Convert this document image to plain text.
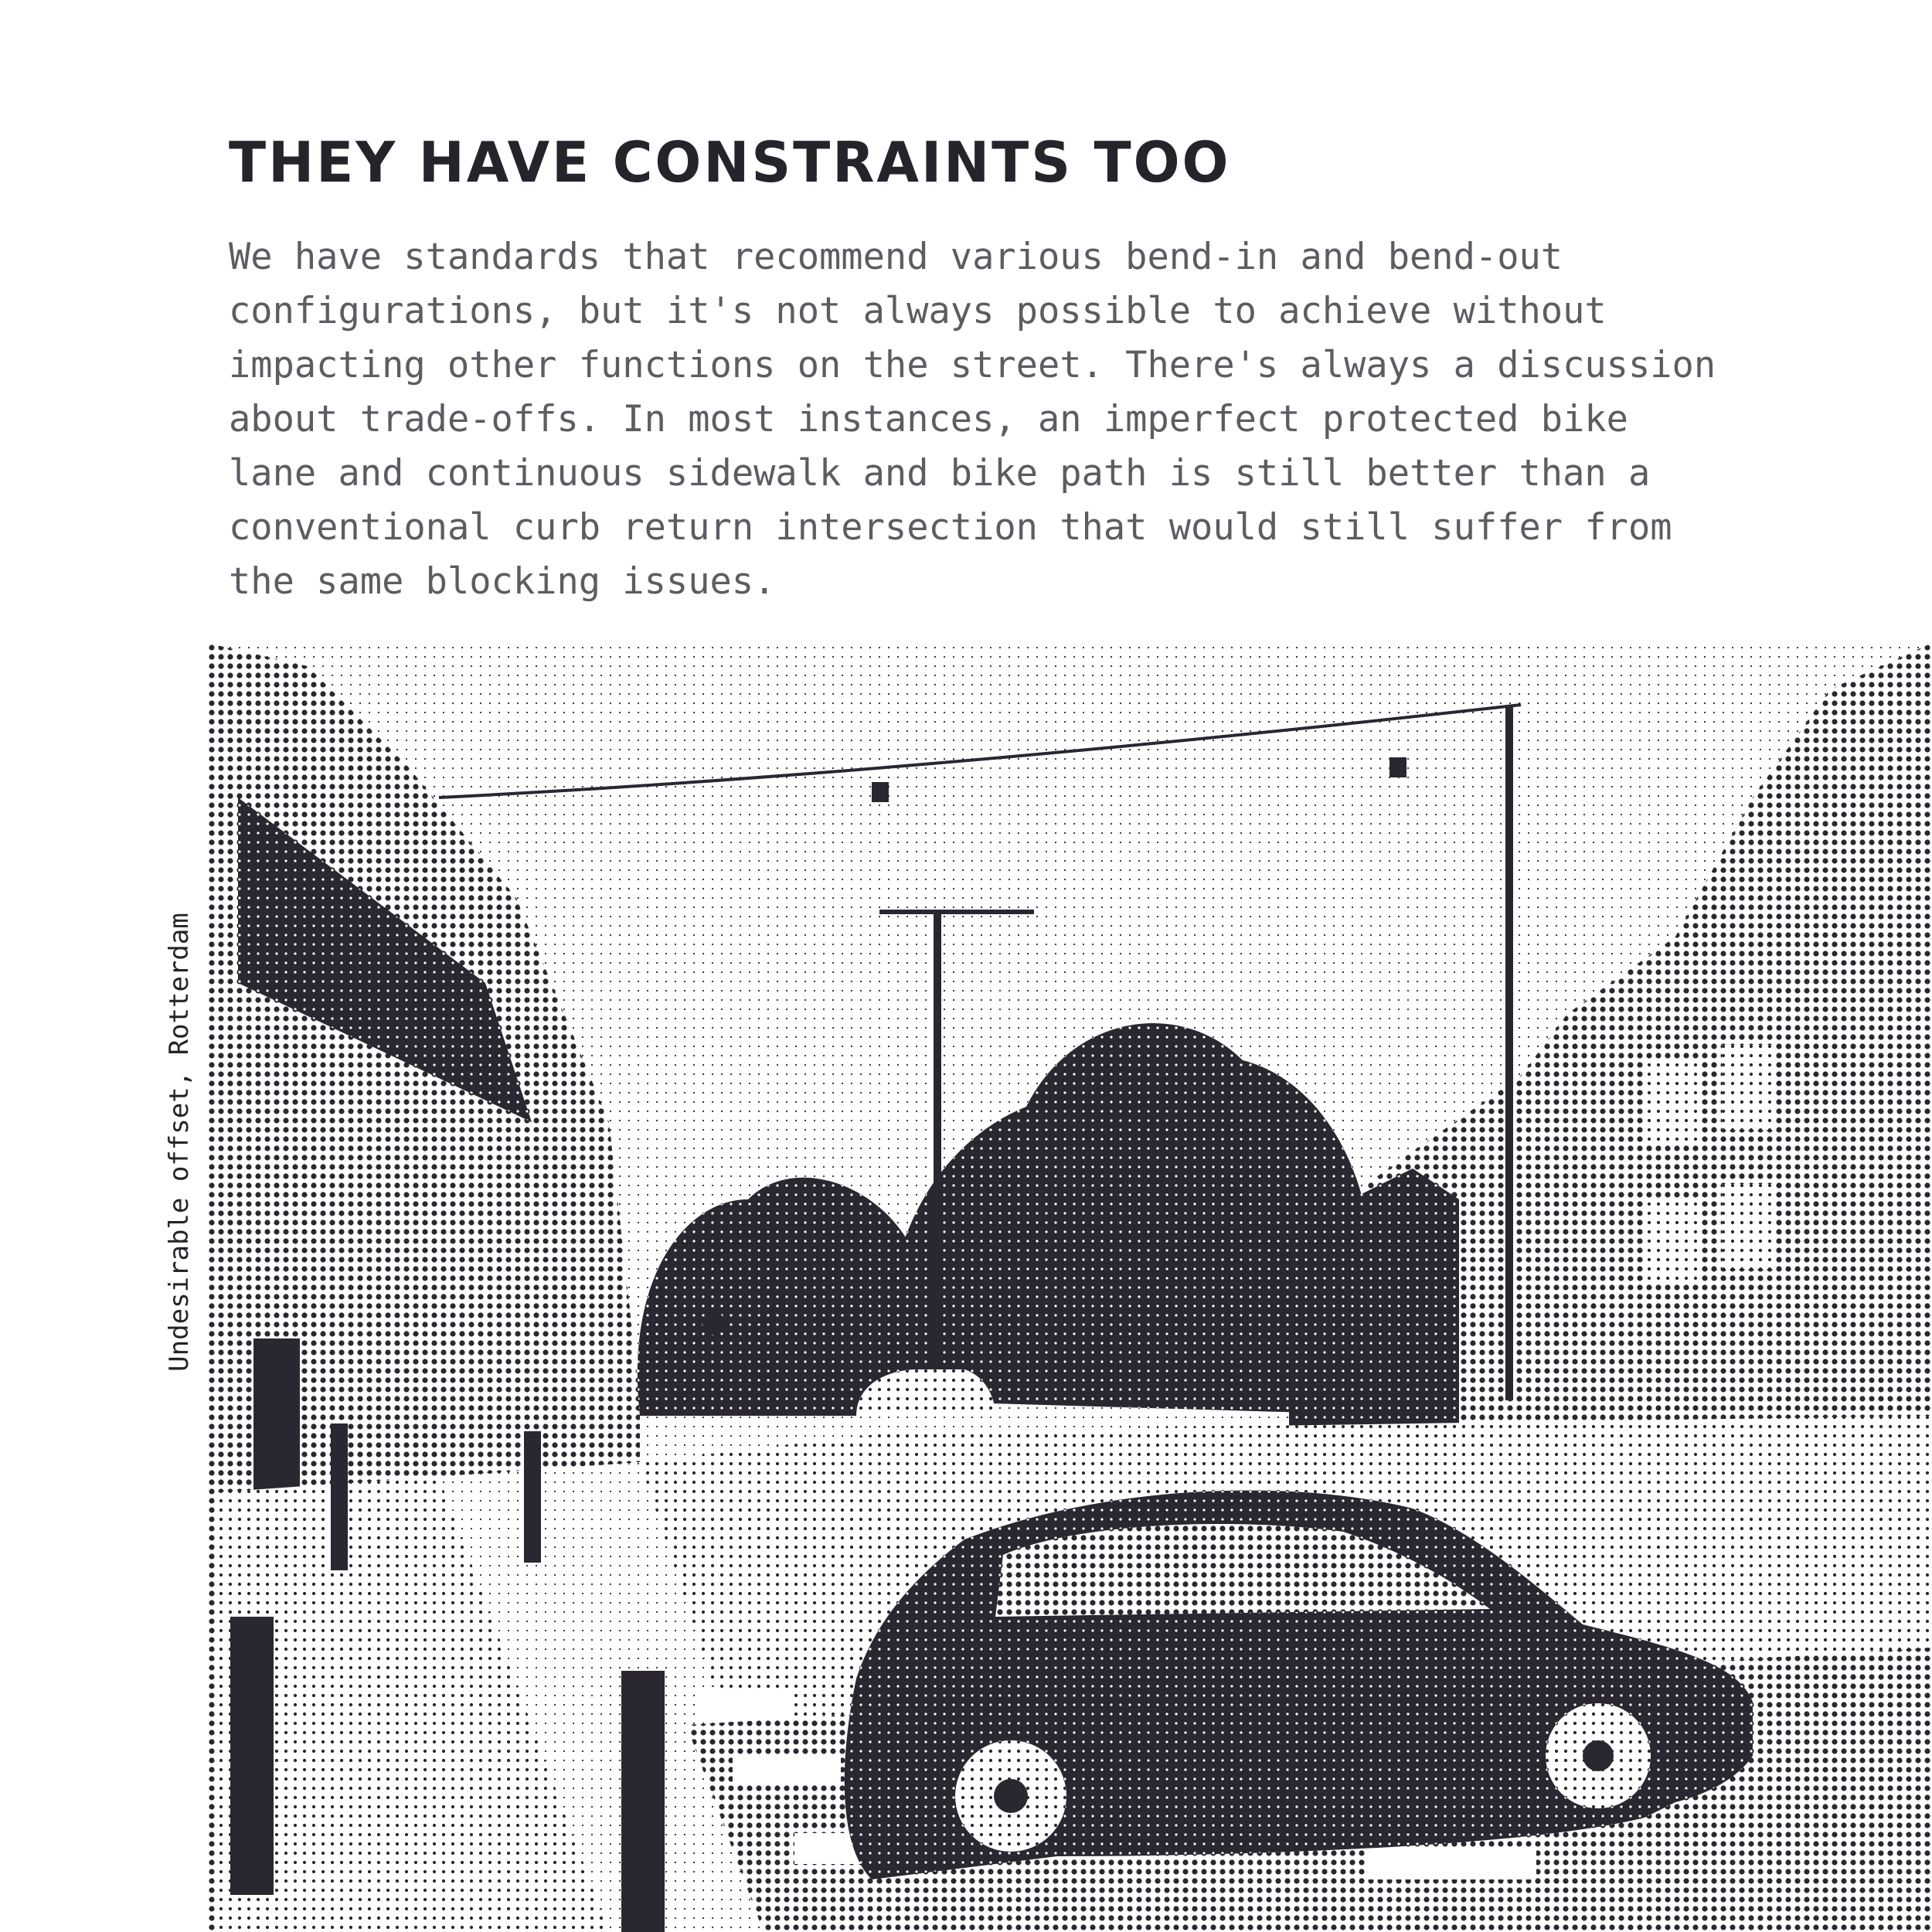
THEY HAVE CONSTRAINTS TOO

We have standards that recommend various bend-in and bend-out
configurations, but it's not always possible to achieve without
impacting other functions on the street. There's always a discussion
about trade-offs. In most instances, an imperfect protected bike
lane and continuous sidewalk and bike path is still better than a
conventional curb return intersection that would still suffer from
the same blocking issues.

Undesirable offset, Rotterdam
